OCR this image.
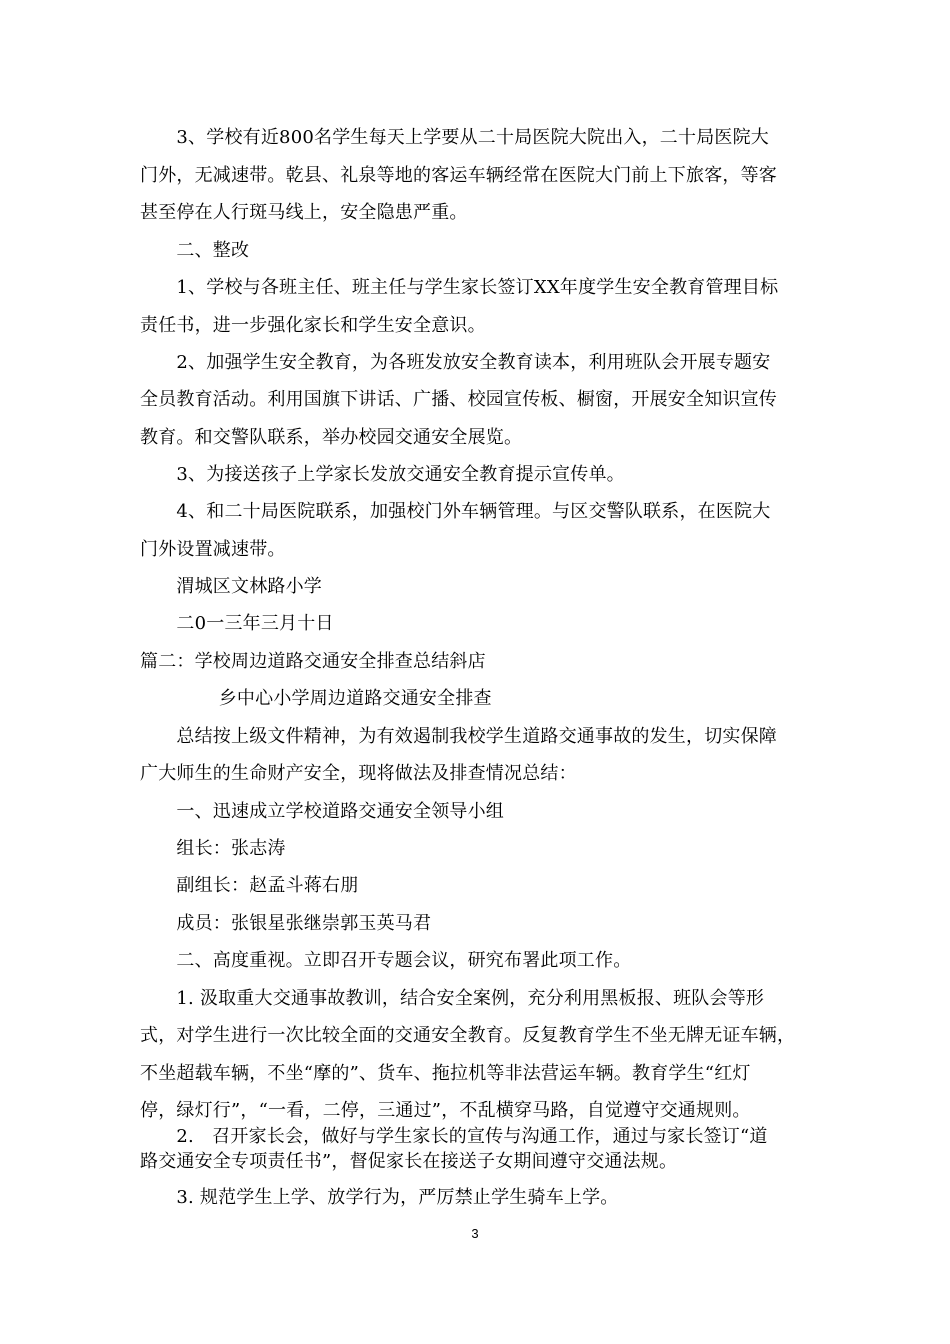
　　3、学校有近800名学生每天上学要从二十局医院大院出入，二十局医院大
门外，无减速带。乾县、礼泉等地的客运车辆经常在医院大门前上下旅客，等客
甚至停在人行斑马线上，安全隐患严重。
　　二、整改
　　1、学校与各班主任、班主任与学生家长签订XX年度学生安全教育管理目标
责任书，进一步强化家长和学生安全意识。
　　2、加强学生安全教育，为各班发放安全教育读本，利用班队会开展专题安
全员教育活动。利用国旗下讲话、广播、校园宣传板、橱窗，开展安全知识宣传
教育。和交警队联系，举办校园交通安全展览。
　　3、为接送孩子上学家长发放交通安全教育提示宣传单。
　　4、和二十局医院联系，加强校门外车辆管理。与区交警队联系，在医院大
门外设置减速带。
　　渭城区文林路小学
　　二0一三年三月十日
篇二：学校周边道路交通安全排查总结斜店
　　　　 乡中心小学周边道路交通安全排查
　　总结按上级文件精神，为有效遏制我校学生道路交通事故的发生，切实保障
广大师生的生命财产安全，现将做法及排查情况总结：
　　一、迅速成立学校道路交通安全领导小组
　　组长：张志涛
　　副组长：赵孟斗蒋右朋
　　成员：张银星张继崇郭玉英马君
　　二、高度重视。立即召开专题会议，研究布署此项工作。
　　1. 汲取重大交通事故教训，结合安全案例，充分利用黑板报、班队会等形
式，对学生进行一次比较全面的交通安全教育。反复教育学生不坐无牌无证车辆，
不坐超载车辆，不坐“摩的”、货车、拖拉机等非法营运车辆。教育学生“红灯
停，绿灯行”，“一看，二停，三通过”，不乱横穿马路，自觉遵守交通规则。
　　2.　召开家长会，做好与学生家长的宣传与沟通工作，通过与家长签订“道
路交通安全专项责任书”，督促家长在接送子女期间遵守交通法规。
　　3. 规范学生上学、放学行为，严厉禁止学生骑车上学。
3
